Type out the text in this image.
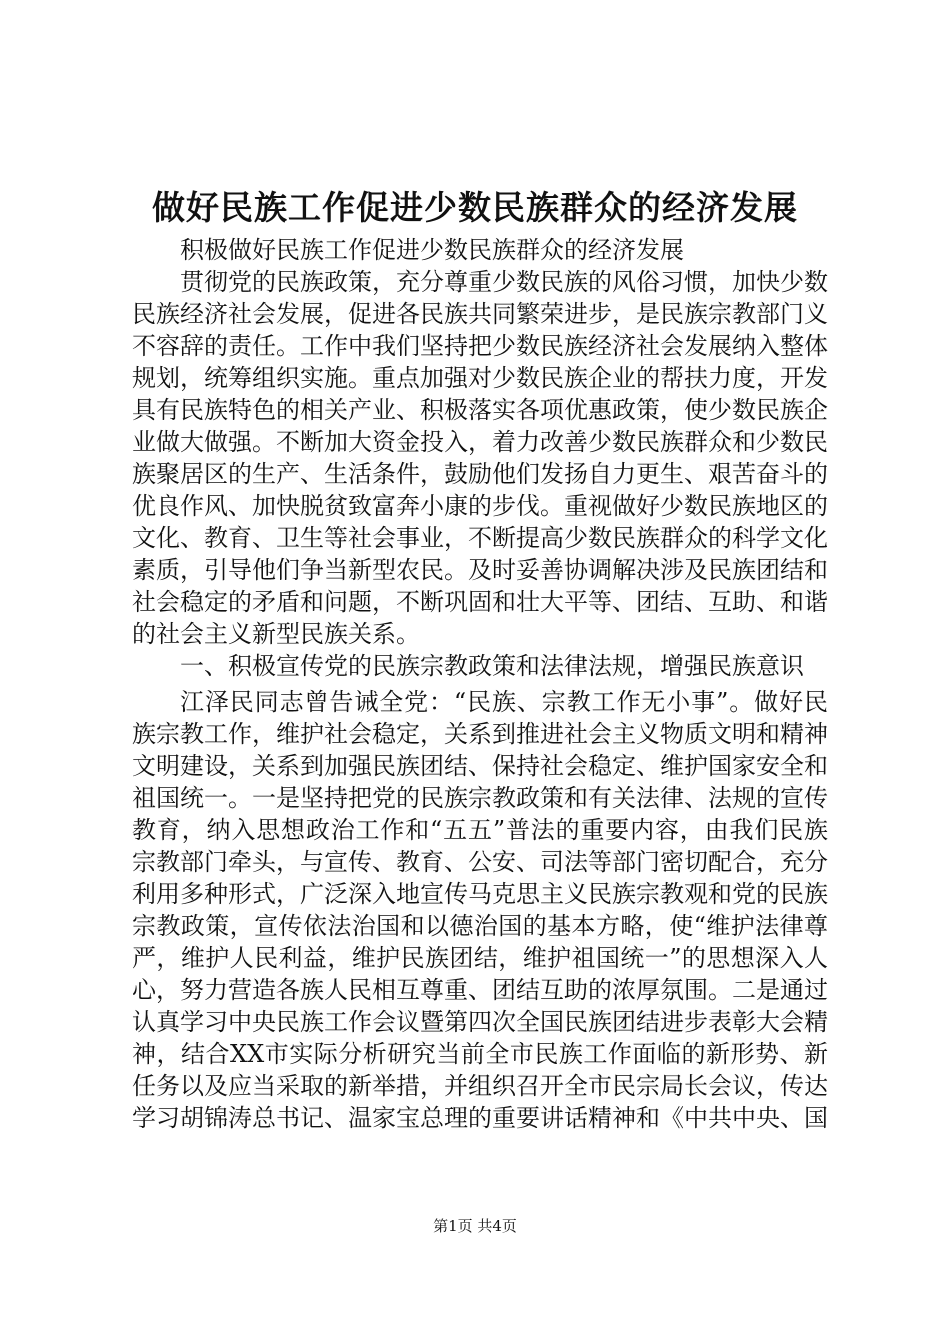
做好民族工作促进少数民族群众的经济发展

积极做好民族工作促进少数民族群众的经济发展

贯彻党的民族政策，充分尊重少数民族的风俗习惯，加快少数民族经济社会发展，促进各民族共同繁荣进步，是民族宗教部门义不容辞的责任。工作中我们坚持把少数民族经济社会发展纳入整体规划，统筹组织实施。重点加强对少数民族企业的帮扶力度，开发具有民族特色的相关产业、积极落实各项优惠政策，使少数民族企业做大做强。不断加大资金投入，着力改善少数民族群众和少数民族聚居区的生产、生活条件，鼓励他们发扬自力更生、艰苦奋斗的优良作风、加快脱贫致富奔小康的步伐。重视做好少数民族地区的文化、教育、卫生等社会事业，不断提高少数民族群众的科学文化素质，引导他们争当新型农民。及时妥善协调解决涉及民族团结和社会稳定的矛盾和问题，不断巩固和壮大平等、团结、互助、和谐的社会主义新型民族关系。

一、积极宣传党的民族宗教政策和法律法规，增强民族意识

江泽民同志曾告诫全党：“民族、宗教工作无小事”。做好民族宗教工作，维护社会稳定，关系到推进社会主义物质文明和精神文明建设，关系到加强民族团结、保持社会稳定、维护国家安全和祖国统一。一是坚持把党的民族宗教政策和有关法律、法规的宣传教育，纳入思想政治工作和“五五”普法的重要内容，由我们民族宗教部门牵头，与宣传、教育、公安、司法等部门密切配合，充分利用多种形式，广泛深入地宣传马克思主义民族宗教观和党的民族宗教政策，宣传依法治国和以德治国的基本方略，使“维护法律尊严，维护人民利益，维护民族团结，维护祖国统一”的思想深入人心，努力营造各族人民相互尊重、团结互助的浓厚氛围。二是通过认真学习中央民族工作会议暨第四次全国民族团结进步表彰大会精神，结合XX市实际分析研究当前全市民族工作面临的新形势、新任务以及应当采取的新举措，并组织召开全市民宗局长会议，传达学习胡锦涛总书记、温家宝总理的重要讲话精神和《中共中央、国

第1页 共4页
